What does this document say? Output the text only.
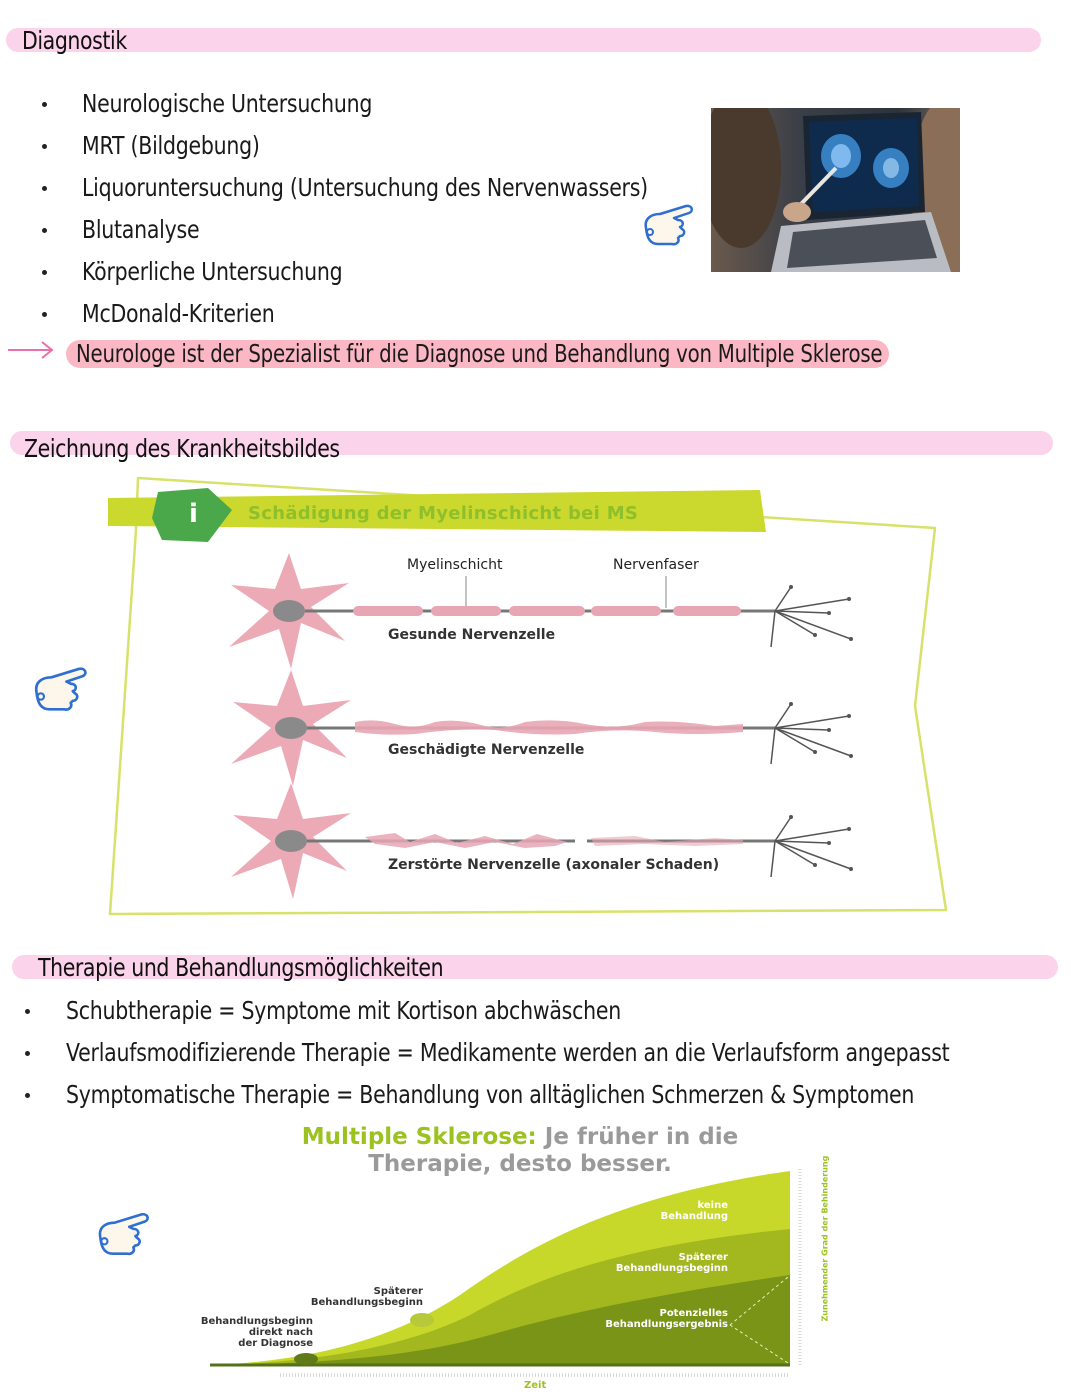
Diagnostik
Neurologische Untersuchung
MRT (Bildgebung)
Liquoruntersuchung (Untersuchung des Nervenwassers)
Blutanalyse
Körperliche Untersuchung
McDonald-Kriterien
Neurologe ist der Spezialist für die Diagnose und Behandlung von Multiple Sklerose
Zeichnung des Krankheitsbildes
i	Schädigung der Myelinschicht bei MS
Myelinschicht	Nervenfaser
Gesunde Nervenzelle
Geschädigte Nervenzelle
Zerstörte Nervenzelle (axonaler Schaden)
Therapie und Behandlungsmöglichkeiten
Schubtherapie = Symptome mit Kortison abchwäschen
Verlaufsmodifizierende Therapie = Medikamente werden an die Verlaufsform angepasst
Symptomatische Therapie = Behandlung von alltäglichen Schmerzen & Symptomen
Multiple Sklerose: Je früher in die
Therapie, desto besser.
keine
Behandlung
Späterer
Behandlungsbeginn
Potenzielles
Behandlungsergebnis
Späterer
Behandlungsbeginn
Behandlungsbeginn
direkt nach
der Diagnose
Zunehmender Grad der Behinderung
Zeit
